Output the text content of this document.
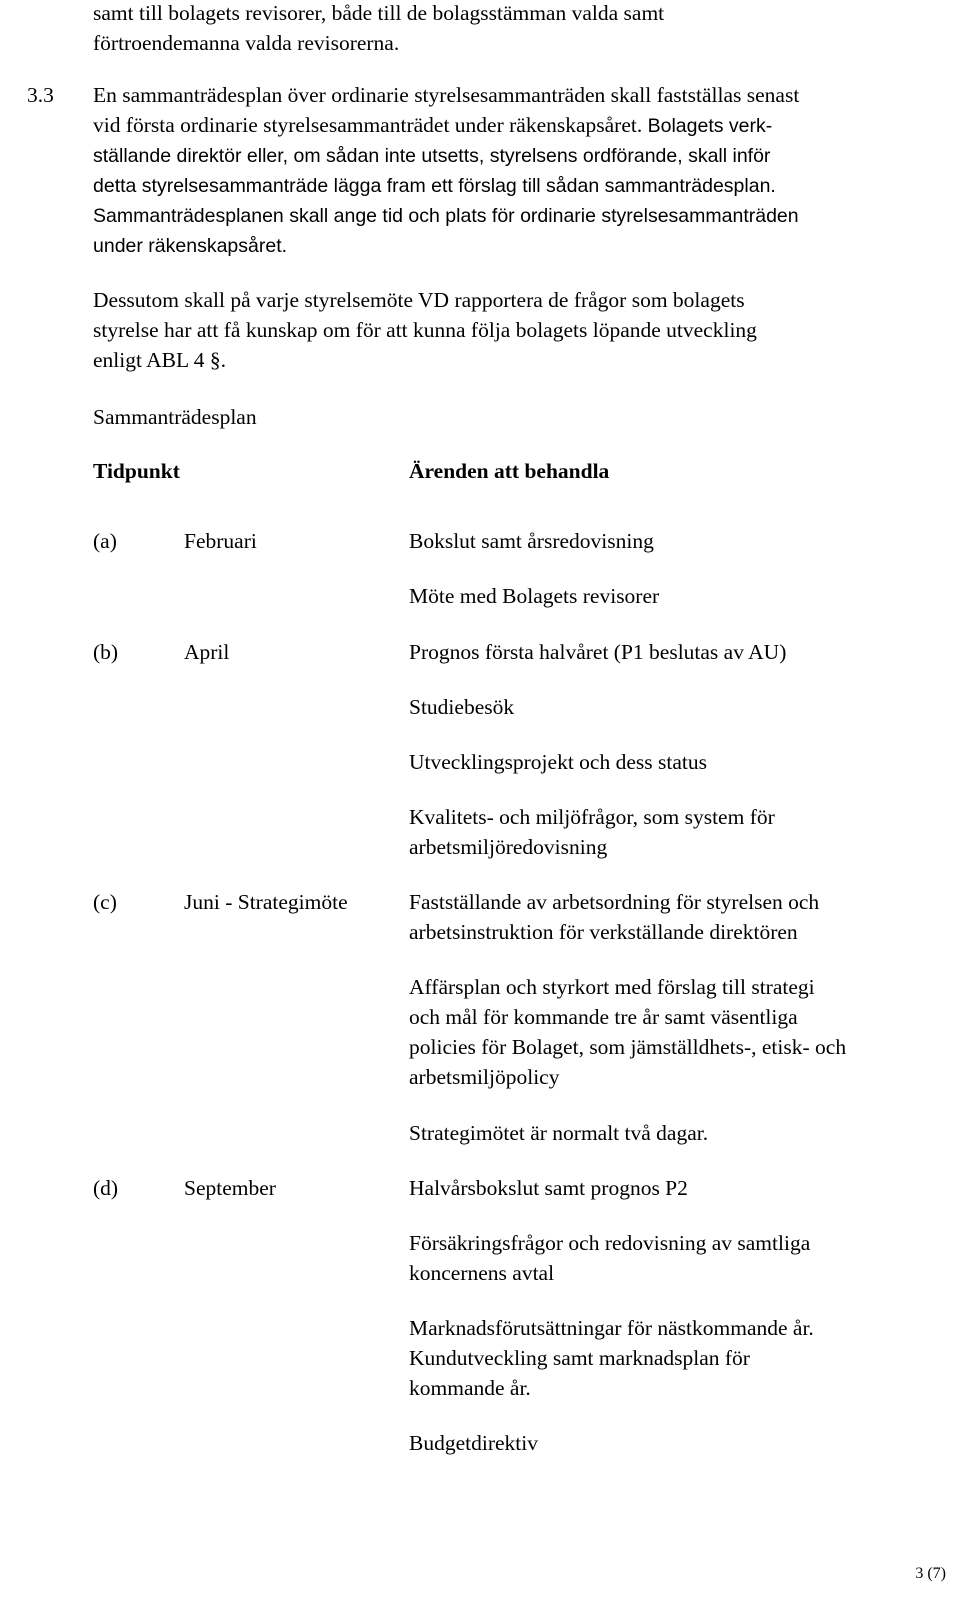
samt till bolagets revisorer, både till de bolagsstämman valda samt
förtroendemanna valda revisorerna.
3.3 En sammanträdesplan över ordinarie styrelsesammanträden skall fastställas senast
vid första ordinarie styrelsesammanträdet under räkenskapsåret. Bolagets verk-
ställande direktör eller, om sådan inte utsetts, styrelsens ordförande, skall inför
detta styrelsesammanträde lägga fram ett förslag till sådan sammanträdesplan.
Sammanträdesplanen skall ange tid och plats för ordinarie styrelsesammanträden
under räkenskapsåret.
Dessutom skall på varje styrelsemöte VD rapportera de frågor som bolagets
styrelse har att få kunskap om för att kunna följa bolagets löpande utveckling
enligt ABL 4 §.
Sammanträdesplan
Tidpunkt	Ärenden att behandla
(a)	Februari	Bokslut samt årsredovisning
Möte med Bolagets revisorer
(b)	April	Prognos första halvåret (P1 beslutas av AU)
Studiebesök
Utvecklingsprojekt och dess status
Kvalitets- och miljöfrågor, som system för
arbetsmiljöredovisning
(c)	Juni - Strategimöte	Fastställande av arbetsordning för styrelsen och
arbetsinstruktion för verkställande direktören
Affärsplan och styrkort med förslag till strategi
och mål för kommande tre år samt väsentliga
policies för Bolaget, som jämställdhets-, etisk- och
arbetsmiljöpolicy
Strategimötet är normalt två dagar.
(d)	September	Halvårsbokslut samt prognos P2
Försäkringsfrågor och redovisning av samtliga
koncernens avtal
Marknadsförutsättningar för nästkommande år.
Kundutveckling samt marknadsplan för
kommande år.
Budgetdirektiv
3 (7)
